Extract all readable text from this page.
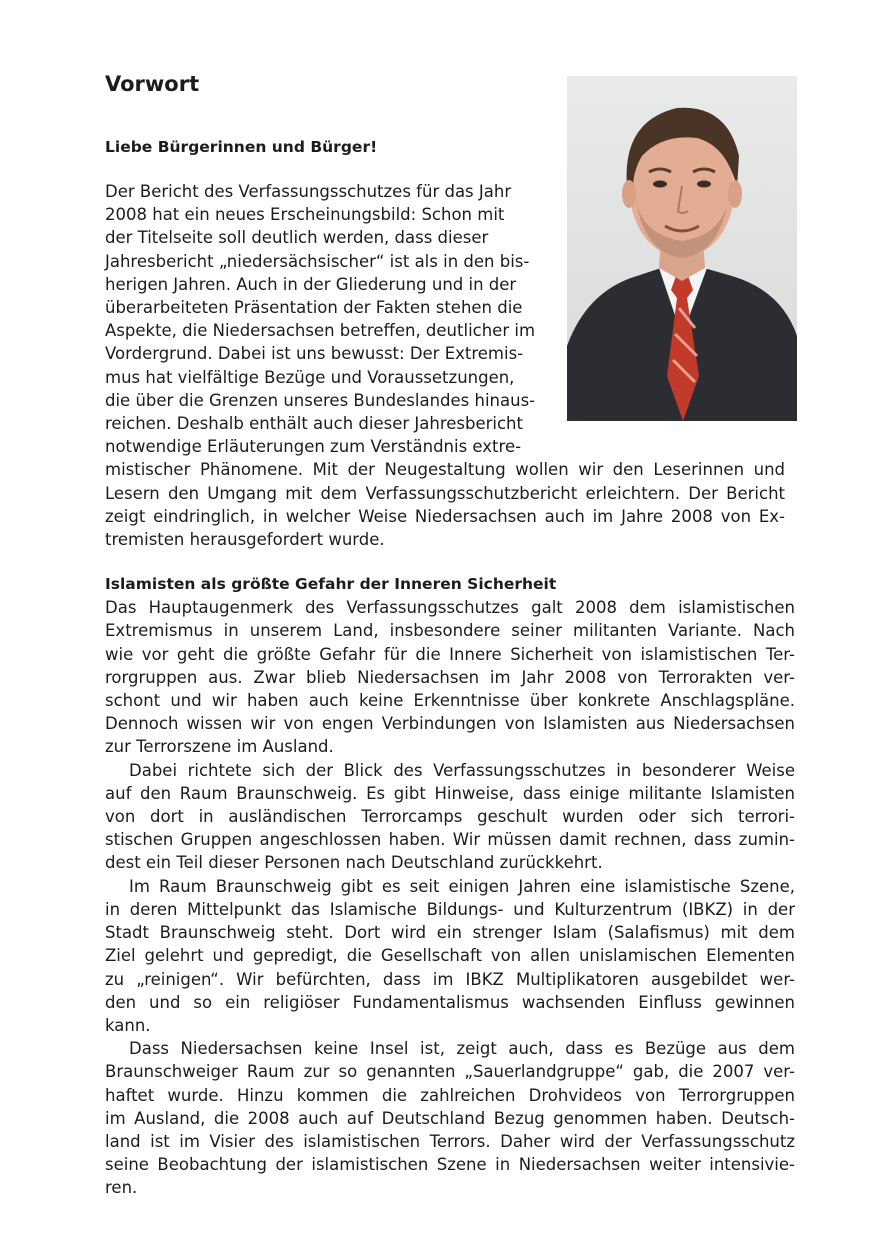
Vorwort

Liebe Bürgerinnen und Bürger!

Der Bericht des Verfassungsschutzes für das Jahr
2008 hat ein neues Erscheinungsbild: Schon mit
der Titelseite soll deutlich werden, dass dieser
Jahresbericht „niedersächsischer“ ist als in den bis-
herigen Jahren. Auch in der Gliederung und in der
überarbeiteten Präsentation der Fakten stehen die
Aspekte, die Niedersachsen betreffen, deutlicher im
Vordergrund. Dabei ist uns bewusst: Der Extremis-
mus hat vielfältige Bezüge und Voraussetzungen,
die über die Grenzen unseres Bundeslandes hinaus-
reichen. Deshalb enthält auch dieser Jahresbericht
notwendige Erläuterungen zum Verständnis extre-
mistischer Phänomene. Mit der Neugestaltung wollen wir den Leserinnen und
Lesern den Umgang mit dem Verfassungsschutzbericht erleichtern. Der Bericht
zeigt eindringlich, in welcher Weise Niedersachsen auch im Jahre 2008 von Ex-
tremisten herausgefordert wurde.

Islamisten als größte Gefahr der Inneren Sicherheit

Das Hauptaugenmerk des Verfassungsschutzes galt 2008 dem islamistischen
Extremismus in unserem Land, insbesondere seiner militanten Variante. Nach
wie vor geht die größte Gefahr für die Innere Sicherheit von islamistischen Ter-
rorgruppen aus. Zwar blieb Niedersachsen im Jahr 2008 von Terrorakten ver-
schont und wir haben auch keine Erkenntnisse über konkrete Anschlagspläne.
Dennoch wissen wir von engen Verbindungen von Islamisten aus Niedersachsen
zur Terrorszene im Ausland.
Dabei richtete sich der Blick des Verfassungsschutzes in besonderer Weise
auf den Raum Braunschweig. Es gibt Hinweise, dass einige militante Islamisten
von dort in ausländischen Terrorcamps geschult wurden oder sich terrori-
stischen Gruppen angeschlossen haben. Wir müssen damit rechnen, dass zumin-
dest ein Teil dieser Personen nach Deutschland zurückkehrt.
Im Raum Braunschweig gibt es seit einigen Jahren eine islamistische Szene,
in deren Mittelpunkt das Islamische Bildungs- und Kulturzentrum (IBKZ) in der
Stadt Braunschweig steht. Dort wird ein strenger Islam (Salafismus) mit dem
Ziel gelehrt und gepredigt, die Gesellschaft von allen unislamischen Elementen
zu „reinigen“. Wir befürchten, dass im IBKZ Multiplikatoren ausgebildet wer-
den und so ein religiöser Fundamentalismus wachsenden Einfluss gewinnen
kann.
Dass Niedersachsen keine Insel ist, zeigt auch, dass es Bezüge aus dem
Braunschweiger Raum zur so genannten „Sauerlandgruppe“ gab, die 2007 ver-
haftet wurde. Hinzu kommen die zahlreichen Drohvideos von Terrorgruppen
im Ausland, die 2008 auch auf Deutschland Bezug genommen haben. Deutsch-
land ist im Visier des islamistischen Terrors. Daher wird der Verfassungsschutz
seine Beobachtung der islamistischen Szene in Niedersachsen weiter intensivie-
ren.
